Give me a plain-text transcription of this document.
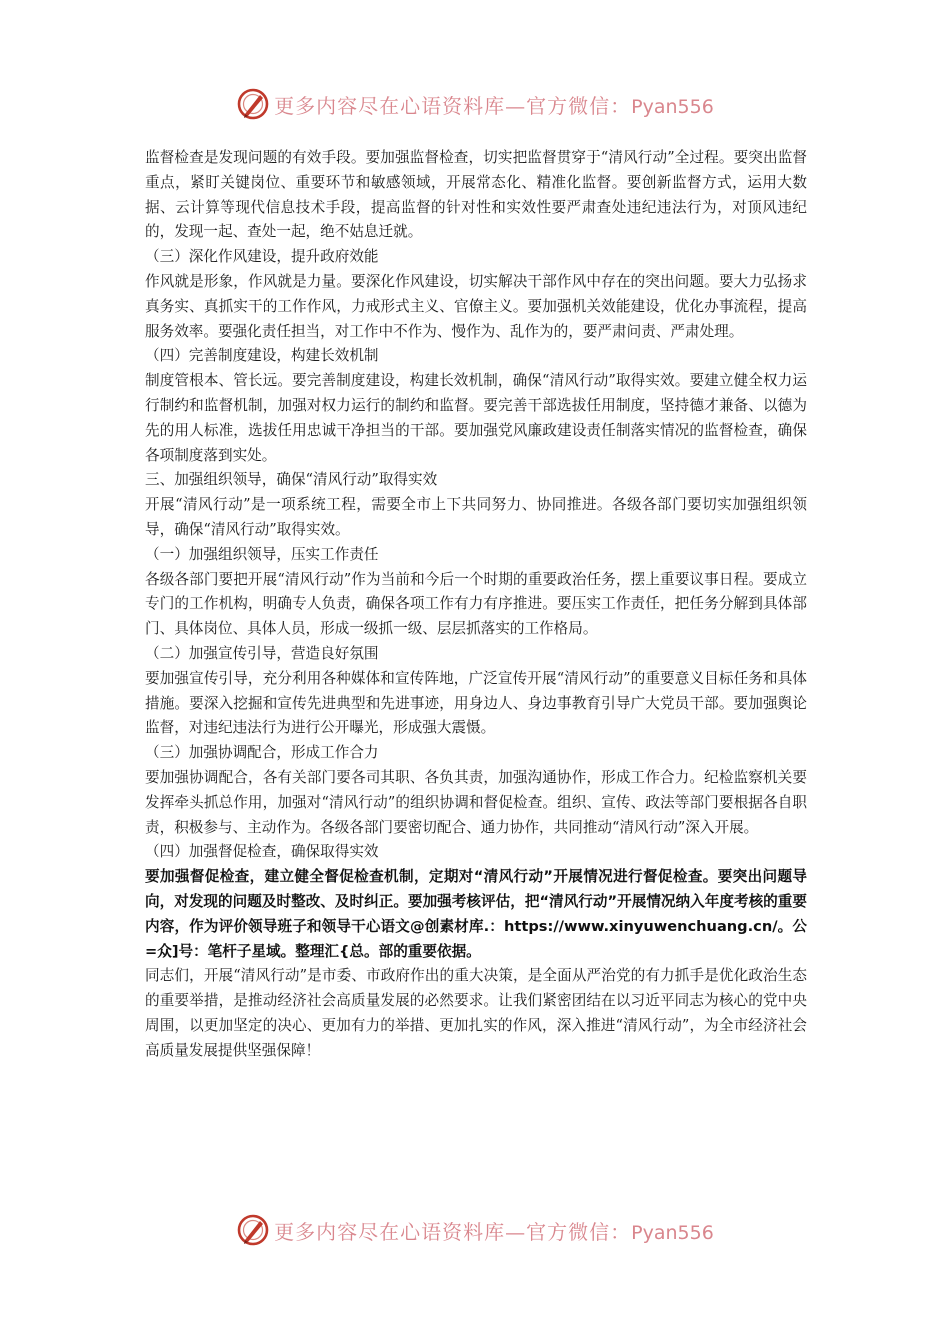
更多内容尽在心语资料库—官方微信：Pyan556

监督检查是发现问题的有效手段。要加强监督检查，切实把监督贯穿于“清风行动”全过程。要突出监督重点，紧盯关键岗位、重要环节和敏感领域，开展常态化、精准化监督。要创新监督方式，运用大数据、云计算等现代信息技术手段，提高监督的针对性和实效性要严肃查处违纪违法行为，对顶风违纪的，发现一起、查处一起，绝不姑息迁就。

（三）深化作风建设，提升政府效能

作风就是形象，作风就是力量。要深化作风建设，切实解决干部作风中存在的突出问题。要大力弘扬求真务实、真抓实干的工作作风，力戒形式主义、官僚主义。要加强机关效能建设，优化办事流程，提高服务效率。要强化责任担当，对工作中不作为、慢作为、乱作为的，要严肃问责、严肃处理。

（四）完善制度建设，构建长效机制

制度管根本、管长远。要完善制度建设，构建长效机制，确保“清风行动”取得实效。要建立健全权力运行制约和监督机制，加强对权力运行的制约和监督。要完善干部选拔任用制度，坚持德才兼备、以德为先的用人标准，选拔任用忠诚干净担当的干部。要加强党风廉政建设责任制落实情况的监督检查，确保各项制度落到实处。

三、加强组织领导，确保“清风行动”取得实效

开展“清风行动”是一项系统工程，需要全市上下共同努力、协同推进。各级各部门要切实加强组织领导，确保“清风行动”取得实效。

（一）加强组织领导，压实工作责任

各级各部门要把开展“清风行动”作为当前和今后一个时期的重要政治任务，摆上重要议事日程。要成立专门的工作机构，明确专人负责，确保各项工作有力有序推进。要压实工作责任，把任务分解到具体部门、具体岗位、具体人员，形成一级抓一级、层层抓落实的工作格局。

（二）加强宣传引导，营造良好氛围

要加强宣传引导，充分利用各种媒体和宣传阵地，广泛宣传开展“清风行动”的重要意义目标任务和具体措施。要深入挖掘和宣传先进典型和先进事迹，用身边人、身边事教育引导广大党员干部。要加强舆论监督，对违纪违法行为进行公开曝光，形成强大震慑。

（三）加强协调配合，形成工作合力

要加强协调配合，各有关部门要各司其职、各负其责，加强沟通协作，形成工作合力。纪检监察机关要发挥牵头抓总作用，加强对“清风行动”的组织协调和督促检查。组织、宣传、政法等部门要根据各自职责，积极参与、主动作为。各级各部门要密切配合、通力协作，共同推动“清风行动”深入开展。

（四）加强督促检查，确保取得实效

要加强督促检查，建立健全督促检查机制，定期对“清风行动”开展情况进行督促检查。要突出问题导向，对发现的问题及时整改、及时纠正。要加强考核评估，把“清风行动”开展情况纳入年度考核的重要内容，作为评价领导班子和领导干心语文@创素材库.：https://www.xinyuwenchuang.cn/。公=众]号：笔杆子星域。整理汇{总。部的重要依据。

同志们，开展“清风行动”是市委、市政府作出的重大决策，是全面从严治党的有力抓手是优化政治生态的重要举措，是推动经济社会高质量发展的必然要求。让我们紧密团结在以习近平同志为核心的党中央周围，以更加坚定的决心、更加有力的举措、更加扎实的作风，深入推进“清风行动”，为全市经济社会高质量发展提供坚强保障！

更多内容尽在心语资料库—官方微信：Pyan556
